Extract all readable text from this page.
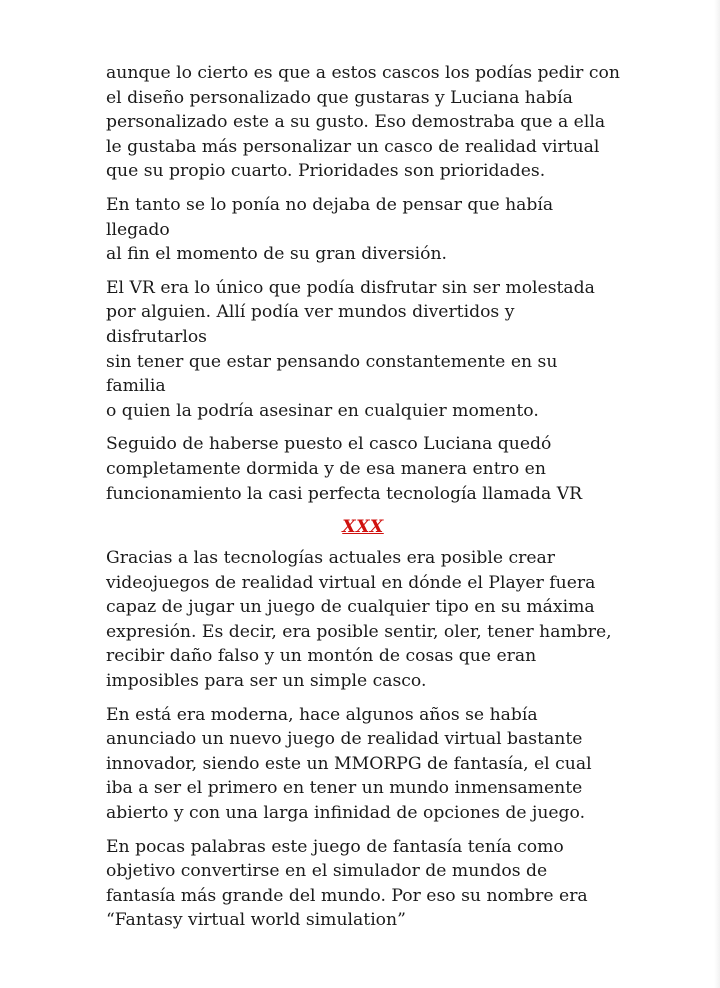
aunque lo cierto es que a estos cascos los podías pedir con
el diseño personalizado que gustaras y Luciana había
personalizado este a su gusto. Eso demostraba que a ella
le gustaba más personalizar un casco de realidad virtual
que su propio cuarto. Prioridades son prioridades.

En tanto se lo ponía no dejaba de pensar que había llegado
al fin el momento de su gran diversión.

El VR era lo único que podía disfrutar sin ser molestada
por alguien. Allí podía ver mundos divertidos y disfrutarlos
sin tener que estar pensando constantemente en su familia
o quien la podría asesinar en cualquier momento.

Seguido de haberse puesto el casco Luciana quedó
completamente dormida y de esa manera entro en
funcionamiento la casi perfecta tecnología llamada VR

XXX

Gracias a las tecnologías actuales era posible crear
videojuegos de realidad virtual en dónde el Player fuera
capaz de jugar un juego de cualquier tipo en su máxima
expresión. Es decir, era posible sentir, oler, tener hambre,
recibir daño falso y un montón de cosas que eran
imposibles para ser un simple casco.

En está era moderna, hace algunos años se había
anunciado un nuevo juego de realidad virtual bastante
innovador, siendo este un MMORPG de fantasía, el cual
iba a ser el primero en tener un mundo inmensamente
abierto y con una larga infinidad de opciones de juego.

En pocas palabras este juego de fantasía tenía como
objetivo convertirse en el simulador de mundos de
fantasía más grande del mundo. Por eso su nombre era
“Fantasy virtual world simulation”
